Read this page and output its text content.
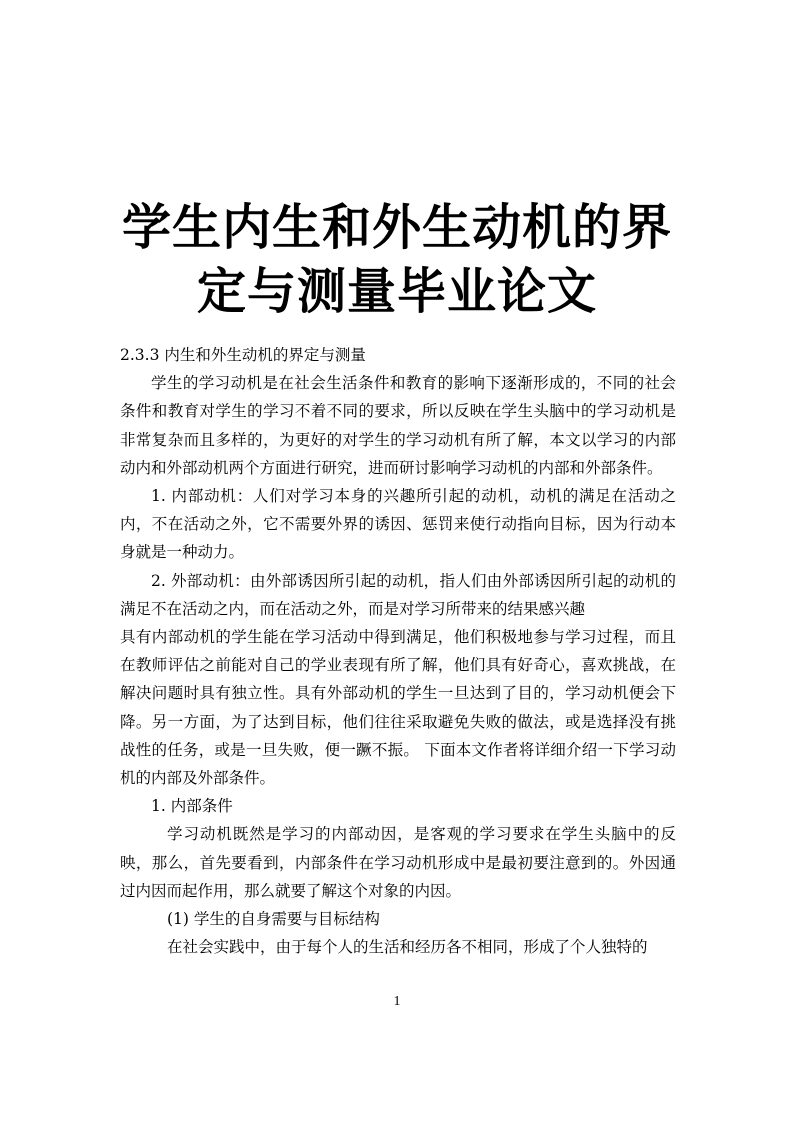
学生内生和外生动机的界
定与测量毕业论文

2.3.3 内生和外生动机的界定与测量

学生的学习动机是在社会生活条件和教育的影响下逐渐形成的，不同的社会条件和教育对学生的学习不着不同的要求，所以反映在学生头脑中的学习动机是非常复杂而且多样的，为更好的对学生的学习动机有所了解，本文以学习的内部动内和外部动机两个方面进行研究，进而研讨影响学习动机的内部和外部条件。

1. 内部动机：人们对学习本身的兴趣所引起的动机，动机的满足在活动之内，不在活动之外，它不需要外界的诱因、惩罚来使行动指向目标，因为行动本身就是一种动力。

2. 外部动机：由外部诱因所引起的动机，指人们由外部诱因所引起的动机的满足不在活动之内，而在活动之外，而是对学习所带来的结果感兴趣

具有内部动机的学生能在学习活动中得到满足，他们积极地参与学习过程，而且在教师评估之前能对自己的学业表现有所了解，他们具有好奇心，喜欢挑战，在解决问题时具有独立性。具有外部动机的学生一旦达到了目的，学习动机便会下降。另一方面，为了达到目标，他们往往采取避免失败的做法，或是选择没有挑战性的任务，或是一旦失败，便一蹶不振。 下面本文作者将详细介绍一下学习动机的内部及外部条件。

1. 内部条件

学习动机既然是学习的内部动因，是客观的学习要求在学生头脑中的反映，那么，首先要看到，内部条件在学习动机形成中是最初要注意到的。外因通过内因而起作用，那么就要了解这个对象的内因。

(1) 学生的自身需要与目标结构

在社会实践中，由于每个人的生活和经历各不相同，形成了个人独特的

1
